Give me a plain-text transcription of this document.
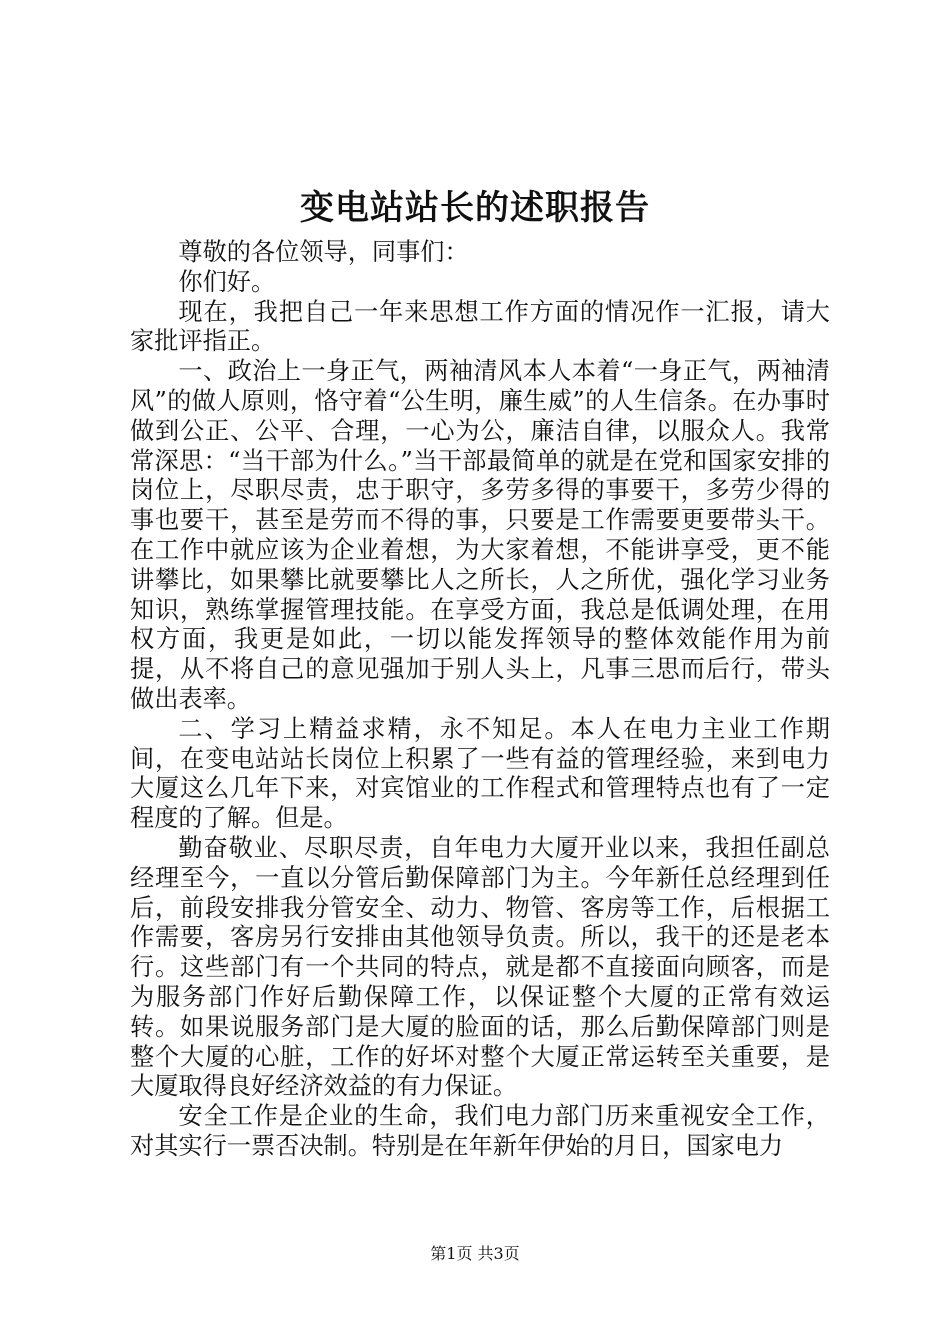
变电站站长的述职报告

尊敬的各位领导，同事们：

你们好。

现在，我把自己一年来思想工作方面的情况作一汇报，请大家批评指正。

一、政治上一身正气，两袖清风本人本着“一身正气，两袖清风”的做人原则，恪守着“公生明，廉生威”的人生信条。在办事时做到公正、公平、合理，一心为公，廉洁自律，以服众人。我常常深思：“当干部为什么。”当干部最简单的就是在党和国家安排的岗位上，尽职尽责，忠于职守，多劳多得的事要干，多劳少得的事也要干，甚至是劳而不得的事，只要是工作需要更要带头干。在工作中就应该为企业着想，为大家着想，不能讲享受，更不能讲攀比，如果攀比就要攀比人之所长，人之所优，强化学习业务知识，熟练掌握管理技能。在享受方面，我总是低调处理，在用权方面，我更是如此，一切以能发挥领导的整体效能作用为前提，从不将自己的意见强加于别人头上，凡事三思而后行，带头做出表率。

二、学习上精益求精，永不知足。本人在电力主业工作期间，在变电站站长岗位上积累了一些有益的管理经验，来到电力大厦这么几年下来，对宾馆业的工作程式和管理特点也有了一定程度的了解。但是。

勤奋敬业、尽职尽责，自年电力大厦开业以来，我担任副总经理至今，一直以分管后勤保障部门为主。今年新任总经理到任后，前段安排我分管安全、动力、物管、客房等工作，后根据工作需要，客房另行安排由其他领导负责。所以，我干的还是老本行。这些部门有一个共同的特点，就是都不直接面向顾客，而是为服务部门作好后勤保障工作，以保证整个大厦的正常有效运转。如果说服务部门是大厦的脸面的话，那么后勤保障部门则是整个大厦的心脏，工作的好坏对整个大厦正常运转至关重要，是大厦取得良好经济效益的有力保证。

安全工作是企业的生命，我们电力部门历来重视安全工作，对其实行一票否决制。特别是在年新年伊始的月日，国家电力

第1页 共3页
